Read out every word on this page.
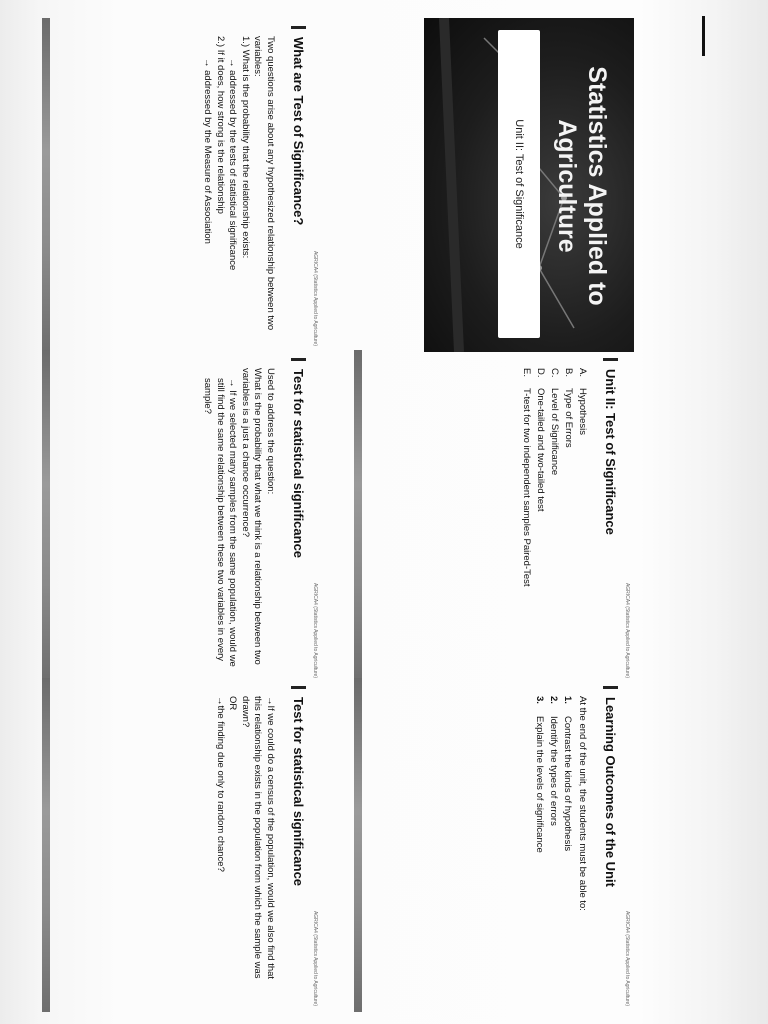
Statistics Applied to Agriculture
Unit II: Test of Significance
AGRICA4 (Statistics Applied to Agriculture)
Unit II: Test of Significance
A.
Hypothesis
B.
Type of Errors
C.
Level of Significance
D.
One-tailed and two-tailed test
E.
T-test for two independent samples Paired-Test
AGRICA4 (Statistics Applied to Agriculture)
Learning Outcomes of the Unit

At the end of the unit, the students must be able to:

1.
Contrast the kinds of hypothesis
2.
Identify the types of errors
3.
Explain the levels of significance
AGRICA4 (Statistics Applied to Agriculture)
What are Test of Significance?

Two questions arise about any hypothesized relationship between two variables:

1.) What is the probability that the relationship exists:

→ addressed by the tests of statistical significance

2.) If it does, how strong is the relationship

→ addressed by the Measure of Association

AGRICA4 (Statistics Applied to Agriculture)
Test for statistical significance

Used to address the question:

What is the probability that what we think is a relationship between two variables is a just a chance occurrence?

→ If we selected many samples from the same population, would we still find the same relationship between these two variables in every sample?

AGRICA4 (Statistics Applied to Agriculture)
Test for statistical significance

→If we could do a census of the population, would we also find that this relationship exists in the population from which the sample was drawn?

OR

→the finding due only to random chance?
